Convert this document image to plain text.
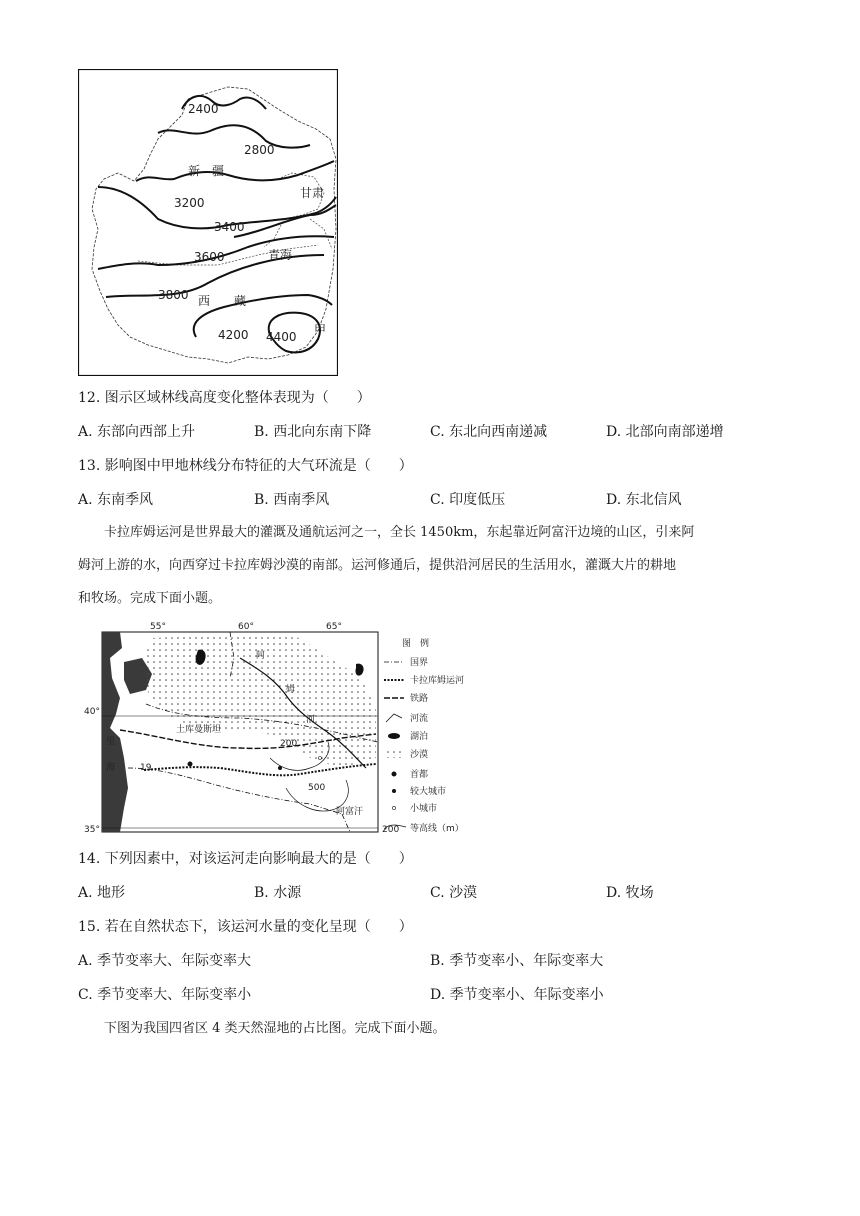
2400
2800
3200
3400
3600
3800
4200 4400
新　疆
甘肃
青海
西　　藏
甲
12. 图示区域林线高度变化整体表现为（　　）
A. 东部向西部上升	B. 西北向东南下降	C. 东北向西南递减	D. 北部向南部递增
13. 影响图中甲地林线分布特征的大气环流是（　　）
A. 东南季风	B. 西南季风	C. 印度低压	D. 东北信风
卡拉库姆运河是世界最大的灌溉及通航运河之一，全长 1450km，东起靠近阿富汗边境的山区，引来阿
姆河上游的水，向西穿过卡拉库姆沙漠的南部。运河修通后，提供沿河居民的生活用水，灌溉大片的耕地
和牧场。完成下面小题。
55°	60°	65°
40°
35°
土库曼斯坦
里
海
阿富汗
200
500
19
阿
姆
河
图　例
国界
卡拉库姆运河
铁路
河流
湖泊
沙漠
首都
较大城市
小城市
200 等高线（m）
14. 下列因素中，对该运河走向影响最大的是（　　）
A. 地形	B. 水源	C. 沙漠	D. 牧场
15. 若在自然状态下，该运河水量的变化呈现（　　）
A. 季节变率大、年际变率大	B. 季节变率小、年际变率大
C. 季节变率大、年际变率小	D. 季节变率小、年际变率小
下图为我国四省区 4 类天然湿地的占比图。完成下面小题。
